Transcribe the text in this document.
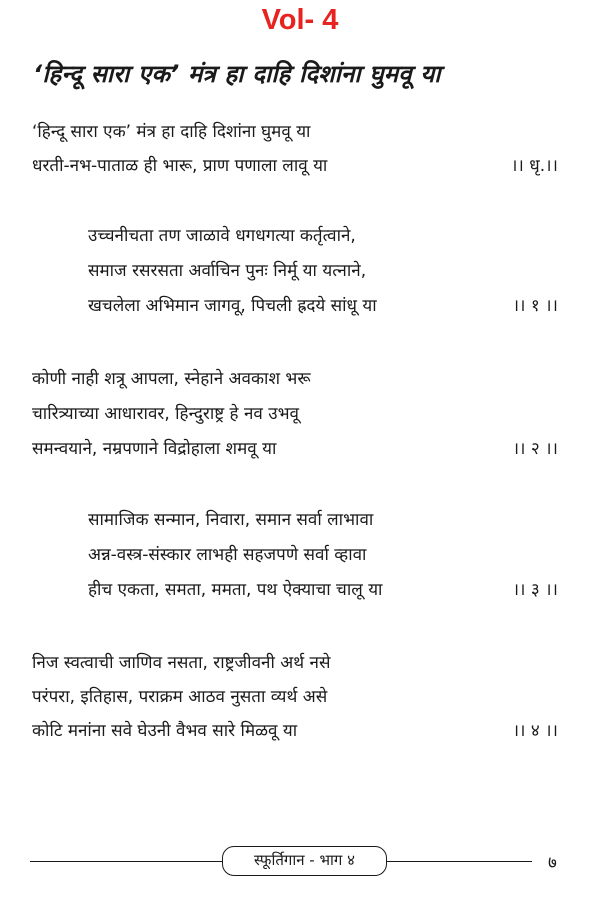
Vol- 4
‘हिन्दू सारा एक’ मंत्र हा दाहि दिशांना घुमवू या
‘हिन्दू सारा एक’ मंत्र हा दाहि दिशांना घुमवू या
धरती-नभ-पाताळ ही भारू, प्राण पणाला लावू या	।। धृ.।।
उच्चनीचता तण जाळावे धगधगत्या कर्तृत्वाने,
समाज रसरसता अर्वाचिन पुनः निर्मू या यत्नाने,
खचलेला अभिमान जागवू, पिचली ह्रदये सांधू या	।। १ ।।
कोणी नाही शत्रू आपला, स्नेहाने अवकाश भरू
चारित्र्याच्या आधारावर, हिन्दुराष्ट्र हे नव उभवू
समन्वयाने, नम्रपणाने विद्रोहाला शमवू या	।। २ ।।
सामाजिक सन्मान, निवारा, समान सर्वा लाभावा
अन्न-वस्त्र-संस्कार लाभही सहजपणे सर्वा व्हावा
हीच एकता, समता, ममता, पथ ऐक्याचा चालू या	।। ३ ।।
निज स्वत्वाची जाणिव नसता, राष्ट्रजीवनी अर्थ नसे
परंपरा, इतिहास, पराक्रम आठव नुसता व्यर्थ असे
कोटि मनांना सवे घेउनी वैभव सारे मिळवू या	।। ४ ।।
स्फूर्तिगान - भाग ४	७
